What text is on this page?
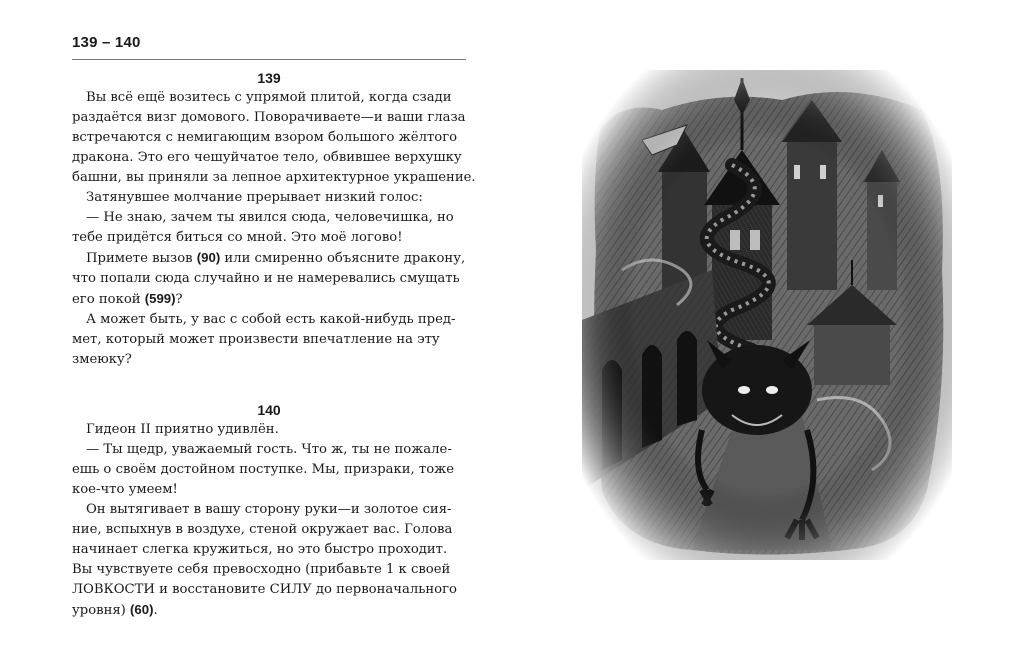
139 – 140
139

Вы всё ещё возитесь с упрямой плитой, когда сзади
раздаётся визг домового. Поворачиваете—и ваши глаза
встречаются с немигающим взором большого жёлтого
дракона. Это его чешуйчатое тело, обвившее верхушку
башни, вы приняли за лепное архитектурное украшение.

Затянувшее молчание прерывает низкий голос:

— Не знаю, зачем ты явился сюда, человечишка, но
тебе придётся биться со мной. Это моё логово!

Примете вызов (90) или смиренно объясните дракону,
что попали сюда случайно и не намеревались смущать
его покой (599)?

А может быть, у вас с собой есть какой-нибудь пред-
мет, который может произвести впечатление на эту
змеюку?

140

Гидеон II приятно удивлён.

— Ты щедр, уважаемый гость. Что ж, ты не пожале-
ешь о своём достойном поступке. Мы, призраки, тоже
кое-что умеем!

Он вытягивает в вашу сторону руки—и золотое сия-
ние, вспыхнув в воздухе, стеной окружает вас. Голова
начинает слегка кружиться, но это быстро проходит.
Вы чувствуете себя превосходно (прибавьте 1 к своей
ЛОВКОСТИ и восстановите СИЛУ до первоначального
уровня) (60).
